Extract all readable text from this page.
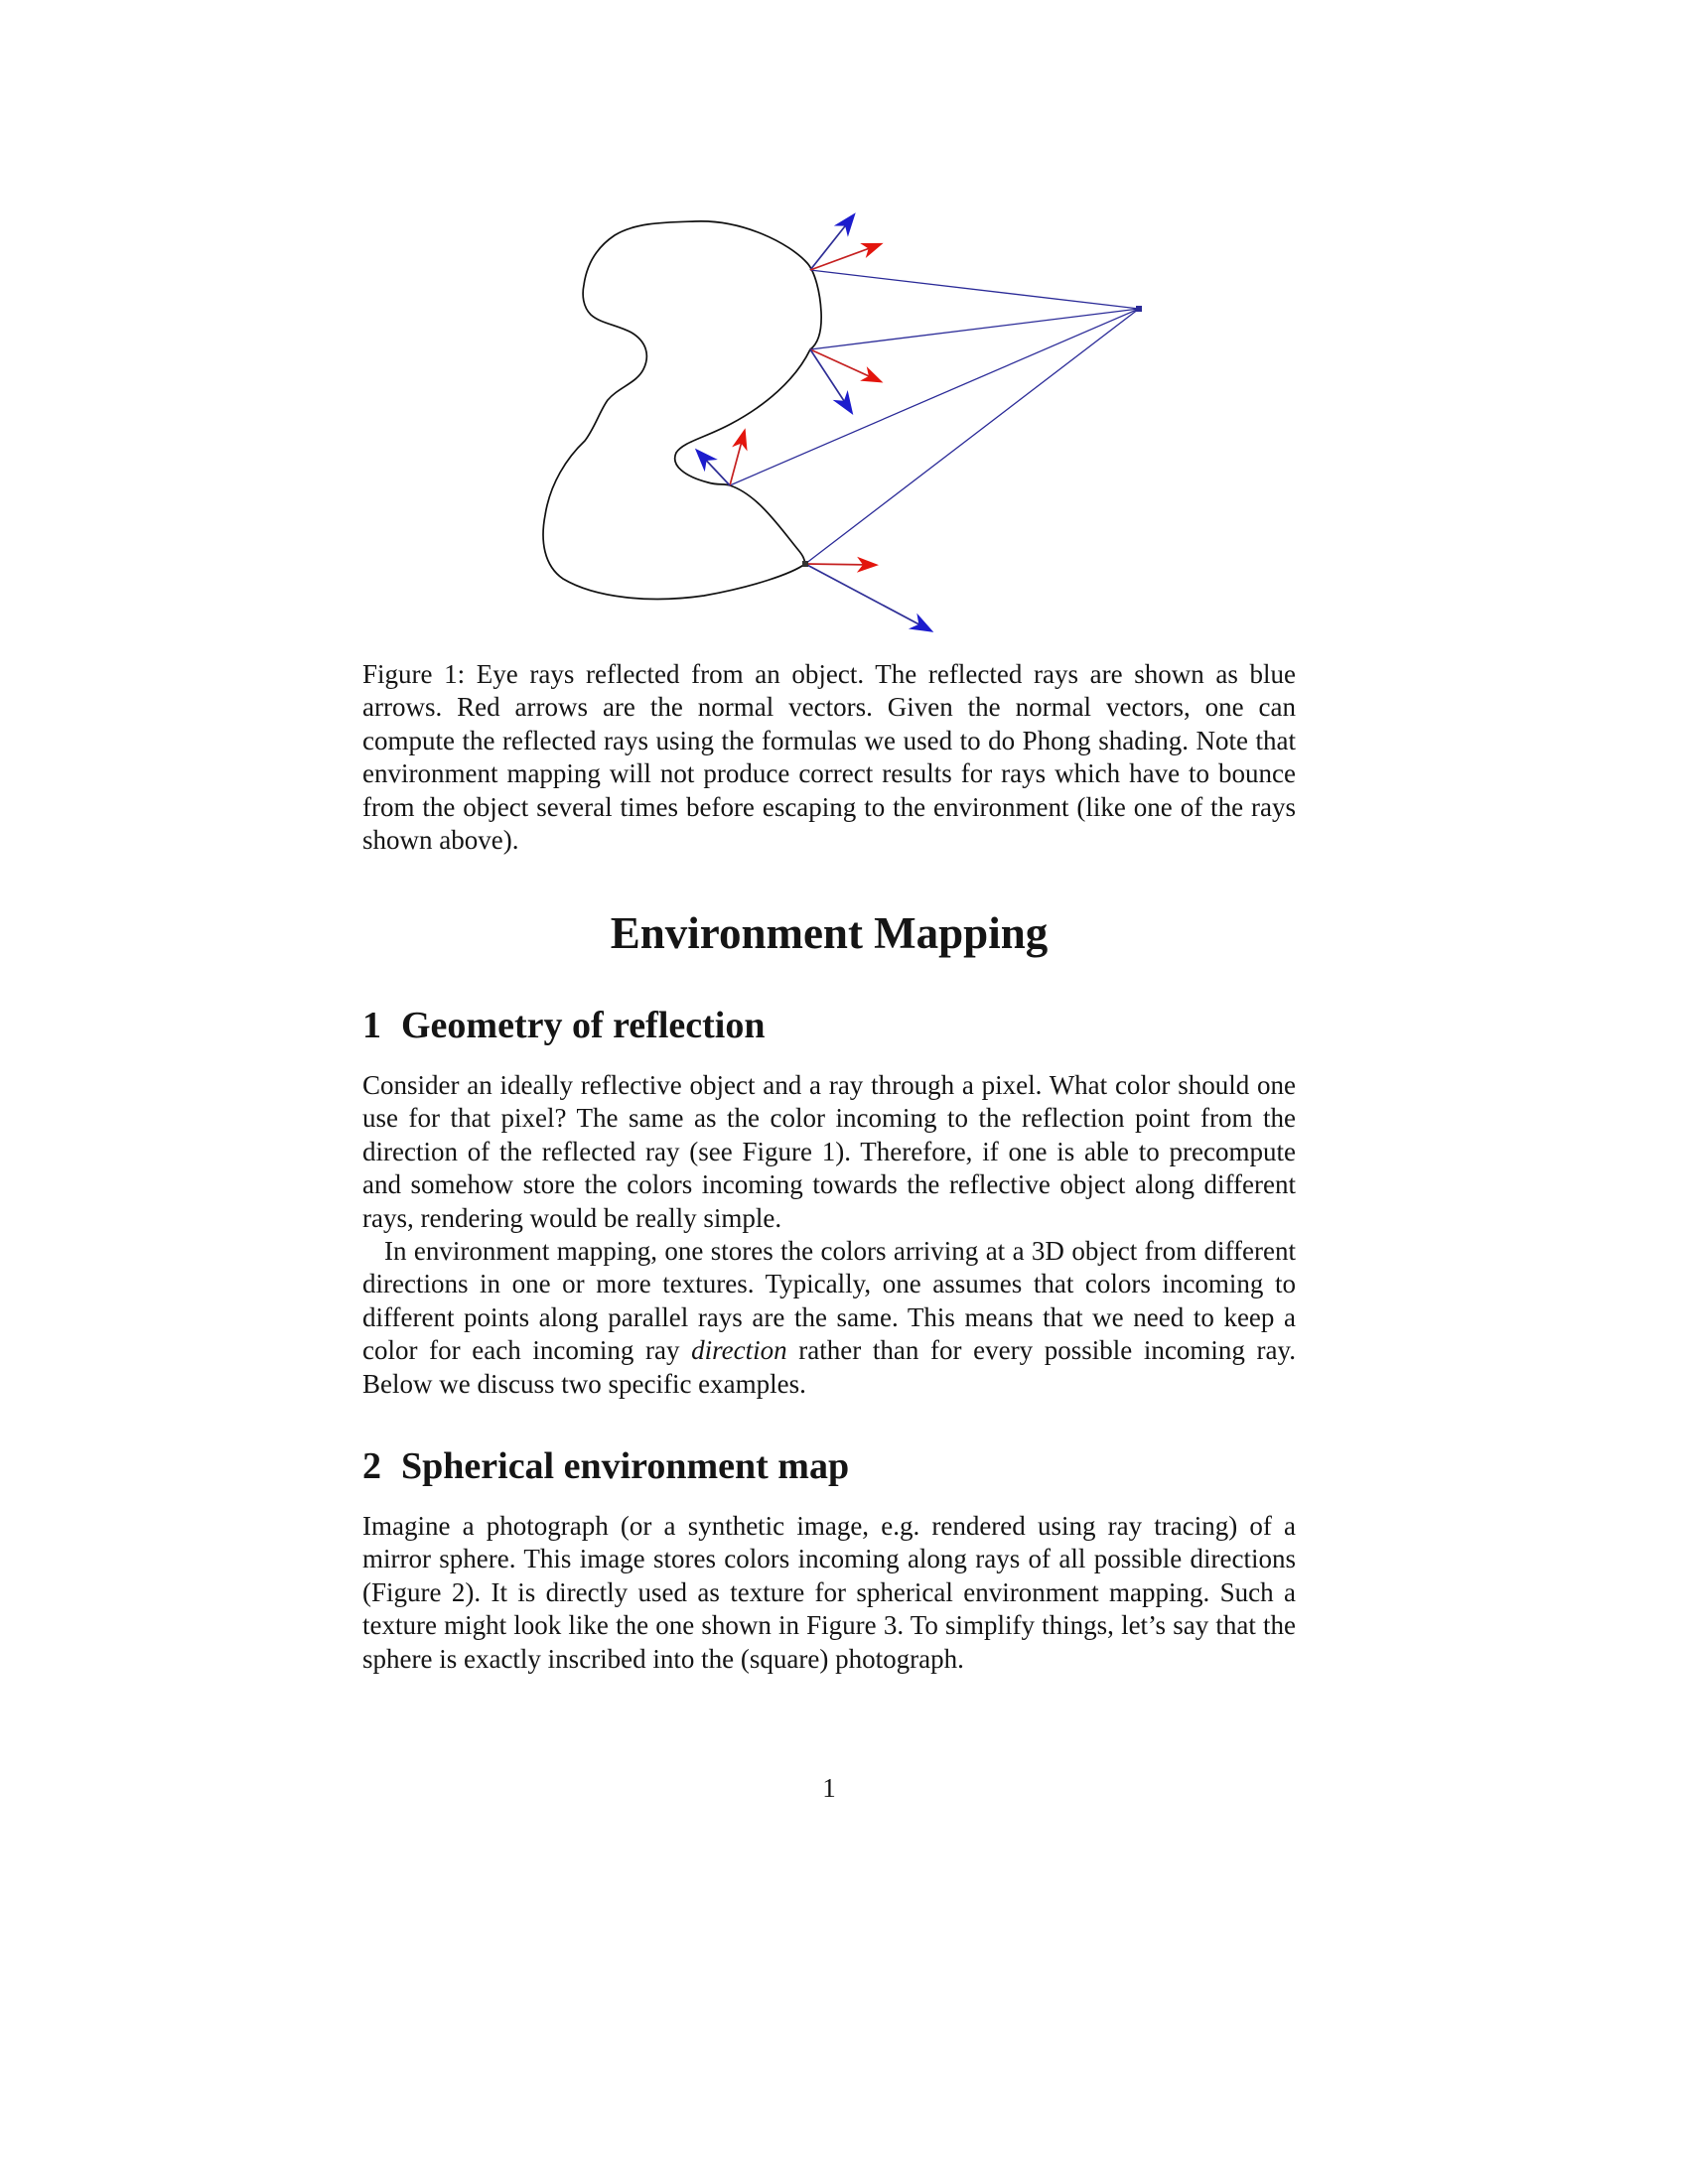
Figure 1: Eye rays reflected from an object. The reflected rays are shown as blue arrows. Red arrows are the normal vectors. Given the normal vectors, one can compute the reflected rays using the formulas we used to do Phong shading. Note that environment mapping will not produce correct results for rays which have to bounce from the object several times before escaping to the environment (like one of the rays shown above).
Environment Mapping
1 Geometry of reflection

Consider an ideally reflective object and a ray through a pixel. What color should one use for that pixel? The same as the color incoming to the reflection point from the direction of the reflected ray (see Figure 1). Therefore, if one is able to precompute and somehow store the colors incoming towards the reflective object along different rays, rendering would be really simple.

In environment mapping, one stores the colors arriving at a 3D object from different directions in one or more textures. Typically, one assumes that colors incoming to different points along parallel rays are the same. This means that we need to keep a color for each incoming ray direction rather than for every possible incoming ray. Below we discuss two specific examples.

2 Spherical environment map

Imagine a photograph (or a synthetic image, e.g. rendered using ray tracing) of a mirror sphere. This image stores colors incoming along rays of all possible directions (Figure 2). It is directly used as texture for spherical environment mapping. Such a texture might look like the one shown in Figure 3. To simplify things, let’s say that the sphere is exactly inscribed into the (square) photograph.

1
